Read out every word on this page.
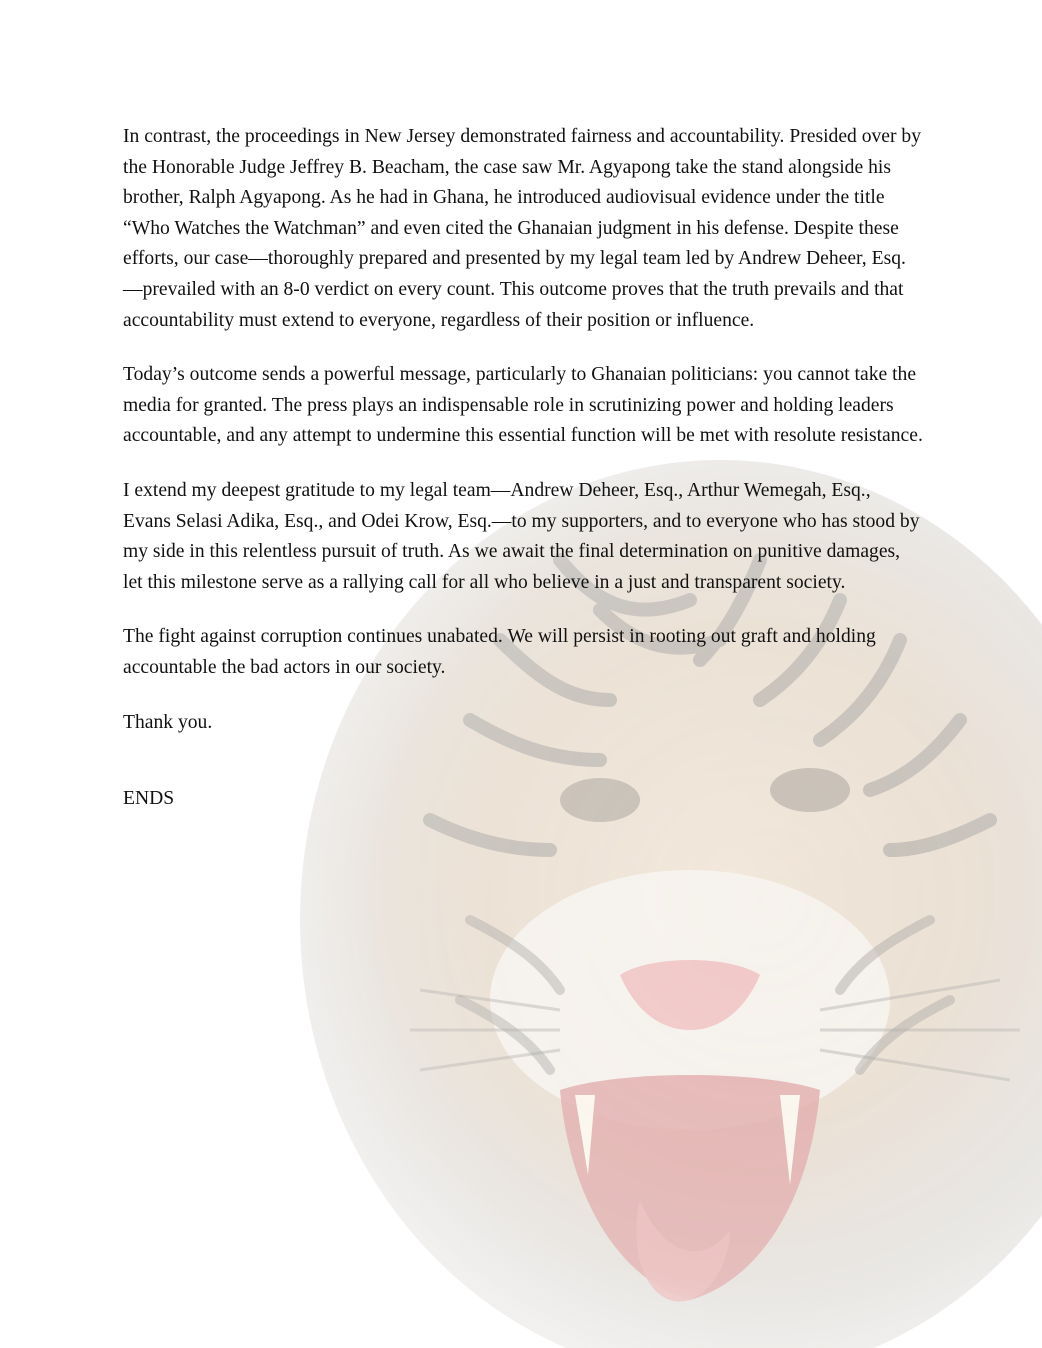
In contrast, the proceedings in New Jersey demonstrated fairness and accountability. Presided over by the Honorable Judge Jeffrey B. Beacham, the case saw Mr. Agyapong take the stand alongside his brother, Ralph Agyapong. As he had in Ghana, he introduced audiovisual evidence under the title “Who Watches the Watchman” and even cited the Ghanaian judgment in his defense. Despite these efforts, our case—thoroughly prepared and presented by my legal team led by Andrew Deheer, Esq.—prevailed with an 8-0 verdict on every count. This outcome proves that the truth prevails and that accountability must extend to everyone, regardless of their position or influence.

Today’s outcome sends a powerful message, particularly to Ghanaian politicians: you cannot take the media for granted. The press plays an indispensable role in scrutinizing power and holding leaders accountable, and any attempt to undermine this essential function will be met with resolute resistance.

I extend my deepest gratitude to my legal team—Andrew Deheer, Esq., Arthur Wemegah, Esq., Evans Selasi Adika, Esq., and Odei Krow, Esq.—to my supporters, and to everyone who has stood by my side in this relentless pursuit of truth. As we await the final determination on punitive damages, let this milestone serve as a rallying call for all who believe in a just and transparent society.

The fight against corruption continues unabated. We will persist in rooting out graft and holding accountable the bad actors in our society.

Thank you.

ENDS
